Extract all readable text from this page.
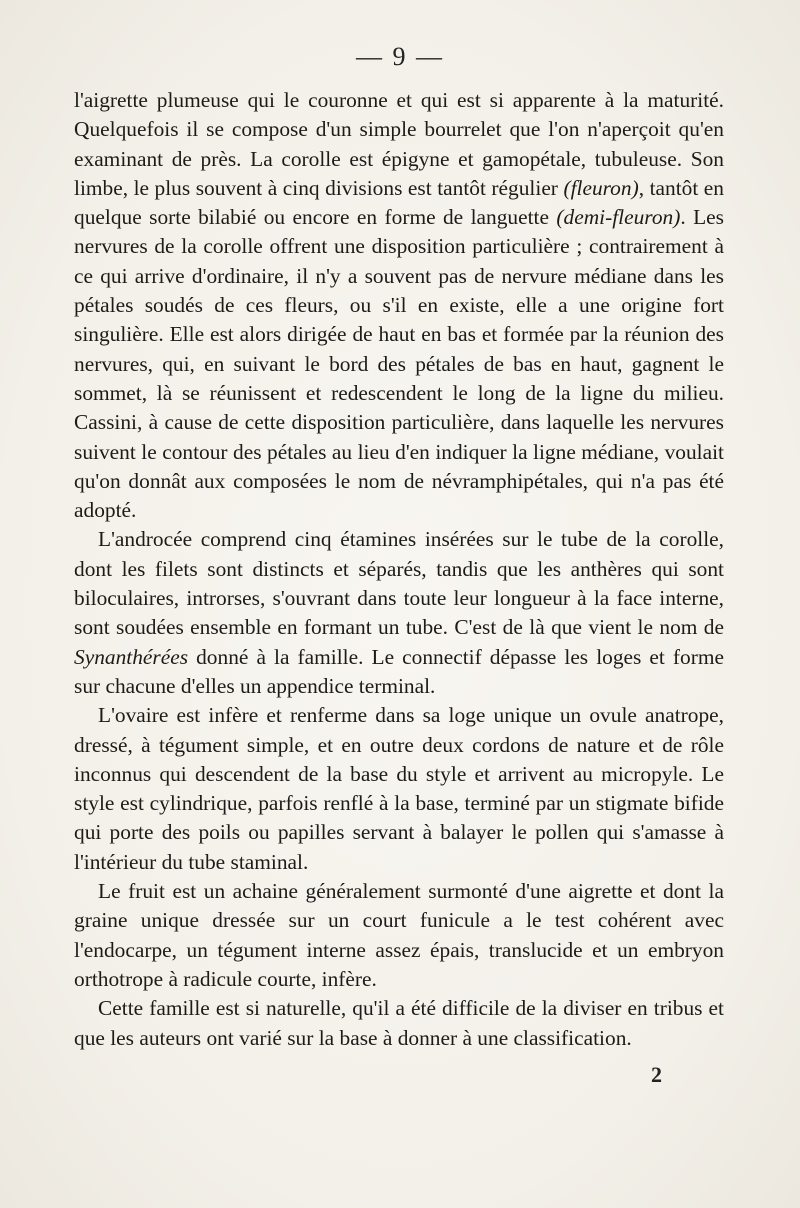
— 9 —

l'aigrette plumeuse qui le couronne et qui est si apparente à la maturité. Quelquefois il se compose d'un simple bourrelet que l'on n'aperçoit qu'en examinant de près. La corolle est épigyne et gamopétale, tubuleuse. Son limbe, le plus souvent à cinq divisions est tantôt régulier (fleuron), tantôt en quelque sorte bilabié ou encore en forme de languette (demi-fleuron). Les nervures de la corolle offrent une disposition particulière ; contrairement à ce qui arrive d'ordinaire, il n'y a souvent pas de nervure médiane dans les pétales soudés de ces fleurs, ou s'il en existe, elle a une origine fort singulière. Elle est alors dirigée de haut en bas et formée par la réunion des nervures, qui, en suivant le bord des pétales de bas en haut, gagnent le sommet, là se réunissent et redescendent le long de la ligne du milieu. Cassini, à cause de cette disposition particulière, dans laquelle les nervures suivent le contour des pétales au lieu d'en indiquer la ligne médiane, voulait qu'on donnât aux composées le nom de névramphipétales, qui n'a pas été adopté.

L'androcée comprend cinq étamines insérées sur le tube de la corolle, dont les filets sont distincts et séparés, tandis que les anthères qui sont biloculaires, introrses, s'ouvrant dans toute leur longueur à la face interne, sont soudées ensemble en formant un tube. C'est de là que vient le nom de Synanthérées donné à la famille. Le connectif dépasse les loges et forme sur chacune d'elles un appendice terminal.

L'ovaire est infère et renferme dans sa loge unique un ovule anatrope, dressé, à tégument simple, et en outre deux cordons de nature et de rôle inconnus qui descendent de la base du style et arrivent au micropyle. Le style est cylindrique, parfois renflé à la base, terminé par un stigmate bifide qui porte des poils ou papilles servant à balayer le pollen qui s'amasse à l'intérieur du tube staminal.

Le fruit est un achaine généralement surmonté d'une aigrette et dont la graine unique dressée sur un court funicule a le test cohérent avec l'endocarpe, un tégument interne assez épais, translucide et un embryon orthotrope à radicule courte, infère.

Cette famille est si naturelle, qu'il a été difficile de la diviser en tribus et que les auteurs ont varié sur la base à donner à une classification.

2
